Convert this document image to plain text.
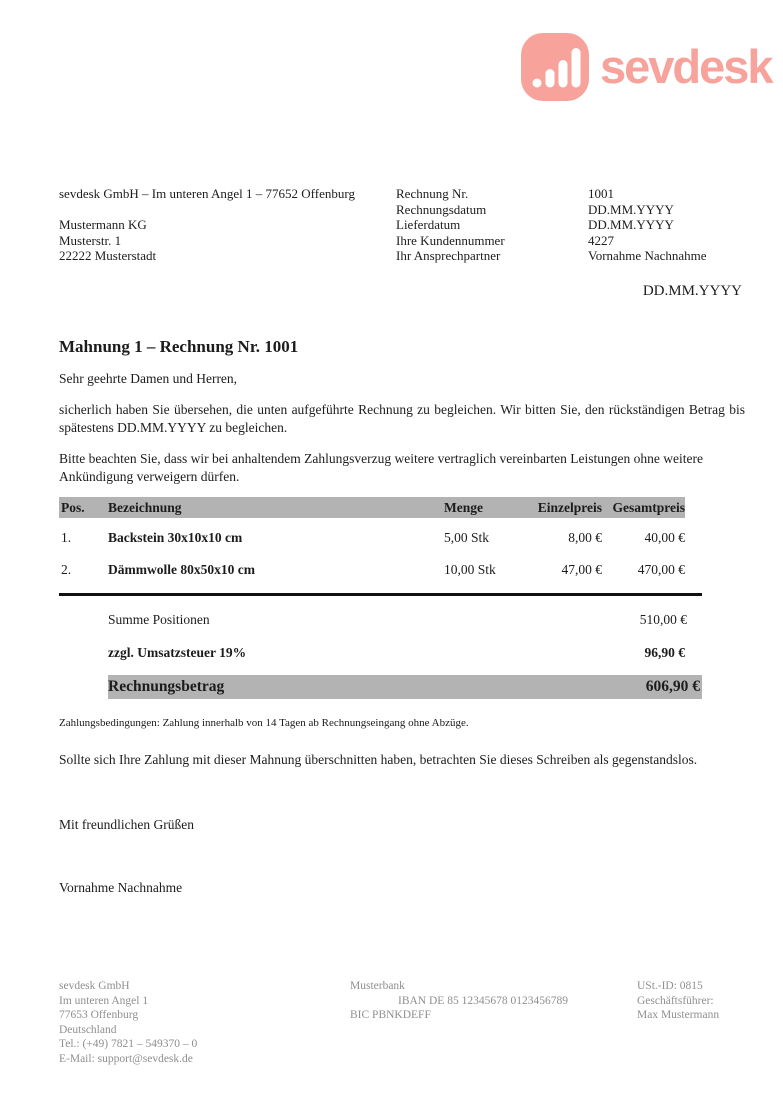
sevdesk
sevdesk GmbH – Im unteren Angel 1 – 77652 Offenburg
Mustermann KG
Musterstr. 1
22222 Musterstadt
Rechnung Nr.	1001
Rechnungsdatum	DD.MM.YYYY
Lieferdatum	DD.MM.YYYY
Ihre Kundennummer	4227
Ihr Ansprechpartner	Vornahme Nachnahme
DD.MM.YYYY
Mahnung 1 – Rechnung Nr. 1001
Sehr geehrte Damen und Herren,
sicherlich haben Sie übersehen, die unten aufgeführte Rechnung zu begleichen. Wir bitten Sie, den rückständigen Betrag bis spätestens DD.MM.YYYY zu begleichen.
Bitte beachten Sie, dass wir bei anhaltendem Zahlungsverzug weitere vertraglich vereinbarten Leistungen ohne weitere Ankündigung verweigern dürfen.
Pos.	Bezeichnung	Menge	Einzelpreis Gesamtpreis
1.	Backstein 30x10x10 cm	5,00 Stk	8,00 €	40,00 €
2.	Dämmwolle 80x50x10 cm	10,00 Stk	47,00 €	470,00 €
Summe Positionen	510,00 €
zzgl. Umsatzsteuer 19%	96,90 €
Rechnungsbetrag	606,90 €
Zahlungsbedingungen: Zahlung innerhalb von 14 Tagen ab Rechnungseingang ohne Abzüge.
Sollte sich Ihre Zahlung mit dieser Mahnung überschnitten haben, betrachten Sie dieses Schreiben als gegenstandslos.
Mit freundlichen Grüßen
Vornahme Nachnahme
sevdesk GmbH
Im unteren Angel 1
77653 Offenburg
Deutschland
Tel.: (+49) 7821 – 549370 – 0
E-Mail: support@sevdesk.de
Musterbank
IBAN DE 85 12345678 0123456789
BIC PBNKDEFF
USt.-ID: 0815
Geschäftsführer:
Max Mustermann
